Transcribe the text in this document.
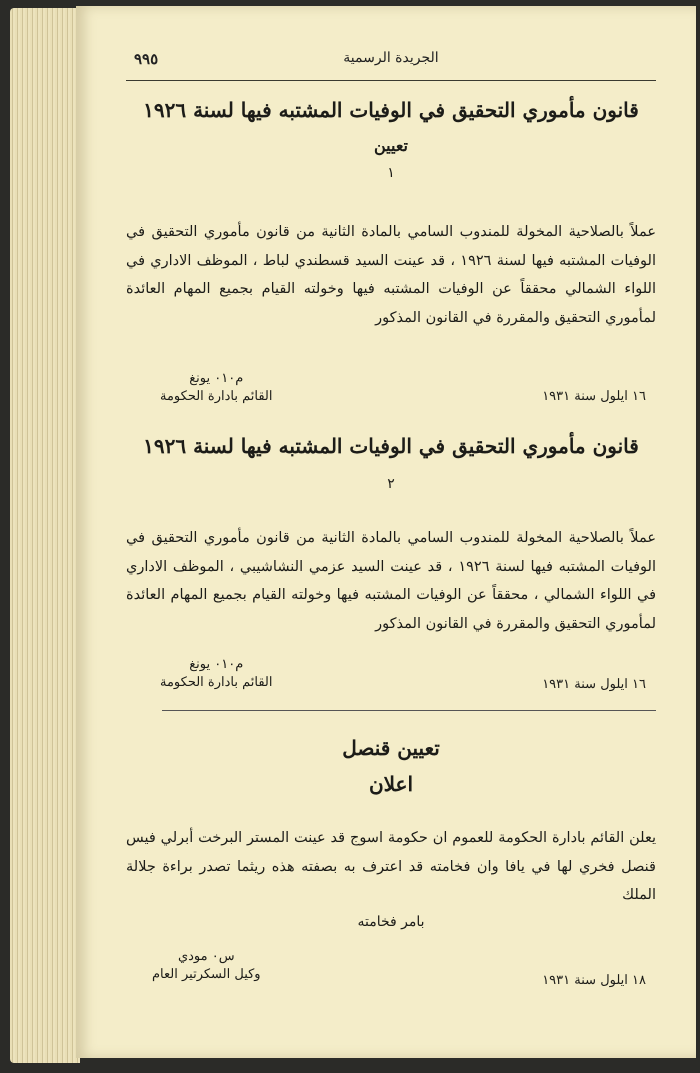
الجريدة الرسمية
٩٩٥
قانون مأموري التحقيق في الوفيات المشتبه فيها لسنة ١٩٢٦
تعيين
١
عملاً بالصلاحية المخولة للمندوب السامي بالمادة الثانية من قانون مأموري التحقيق في الوفيات المشتبه فيها لسنة ١٩٢٦ ، قد عينت السيد قسطندي لباط ، الموظف الاداري في اللواء الشمالي محققاً عن الوفيات المشتبه فيها وخولته القيام بجميع المهام العائدة لمأموري التحقيق والمقررة في القانون المذكور
١٦ ايلول سنة ١٩٣١
م٠١٠ يونغ
القائم بادارة الحكومة
قانون مأموري التحقيق في الوفيات المشتبه فيها لسنة ١٩٢٦
٢
عملاً بالصلاحية المخولة للمندوب السامي بالمادة الثانية من قانون مأموري التحقيق في الوفيات المشتبه فيها لسنة ١٩٢٦ ، قد عينت السيد عزمي النشاشيبي ، الموظف الاداري في اللواء الشمالي ، محققاً عن الوفيات المشتبه فيها وخولته القيام بجميع المهام العائدة لمأموري التحقيق والمقررة في القانون المذكور
١٦ ايلول سنة ١٩٣١
م٠١٠ يونغ
القائم بادارة الحكومة
تعيين قنصل
اعلان
يعلن القائم بادارة الحكومة للعموم ان حكومة اسوج قد عينت المستر البرخت أبرلي فيس قنصل فخري لها في يافا وان فخامته قد اعترف به بصفته هذه ريثما تصدر براءة جلالة الملك
بامر فخامته
١٨ ايلول سنة ١٩٣١
س٠ مودي
وكيل السكرتير العام
